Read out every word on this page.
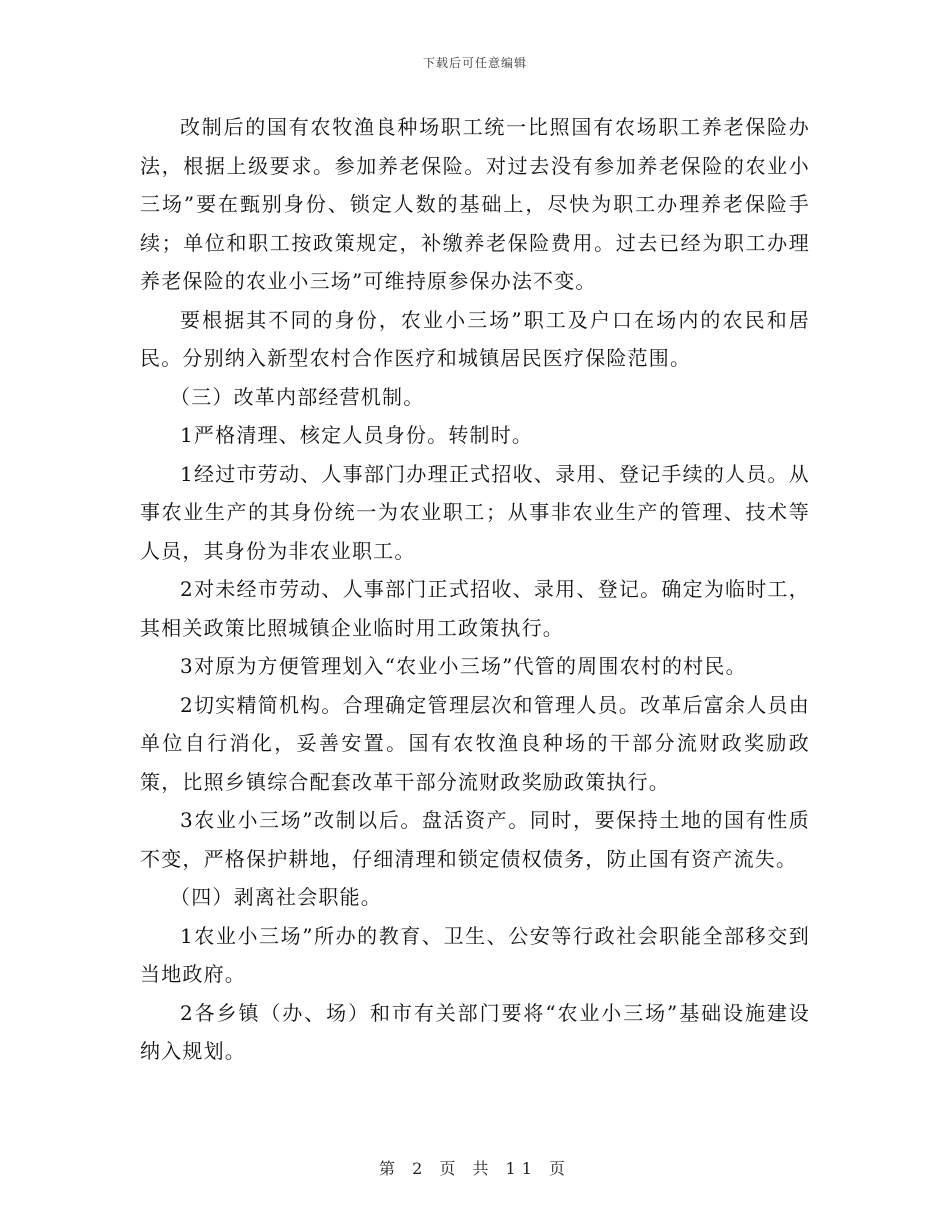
下载后可任意编辑

改制后的国有农牧渔良种场职工统一比照国有农场职工养老保险办法，根据上级要求。参加养老保险。对过去没有参加养老保险的农业小三场”要在甄别身份、锁定人数的基础上，尽快为职工办理养老保险手续；单位和职工按政策规定，补缴养老保险费用。过去已经为职工办理养老保险的农业小三场”可维持原参保办法不变。

要根据其不同的身份，农业小三场”职工及户口在场内的农民和居民。分别纳入新型农村合作医疗和城镇居民医疗保险范围。

（三）改革内部经营机制。

1严格清理、核定人员身份。转制时。

1经过市劳动、人事部门办理正式招收、录用、登记手续的人员。从事农业生产的其身份统一为农业职工；从事非农业生产的管理、技术等人员，其身份为非农业职工。

2对未经市劳动、人事部门正式招收、录用、登记。确定为临时工，其相关政策比照城镇企业临时用工政策执行。

3对原为方便管理划入“农业小三场”代管的周围农村的村民。

2切实精简机构。合理确定管理层次和管理人员。改革后富余人员由单位自行消化，妥善安置。国有农牧渔良种场的干部分流财政奖励政策，比照乡镇综合配套改革干部分流财政奖励政策执行。

3农业小三场”改制以后。盘活资产。同时，要保持土地的国有性质不变，严格保护耕地，仔细清理和锁定债权债务，防止国有资产流失。

（四）剥离社会职能。

1农业小三场”所办的教育、卫生、公安等行政社会职能全部移交到当地政府。

2各乡镇（办、场）和市有关部门要将“农业小三场”基础设施建设纳入规划。

第 2 页 共 11 页
